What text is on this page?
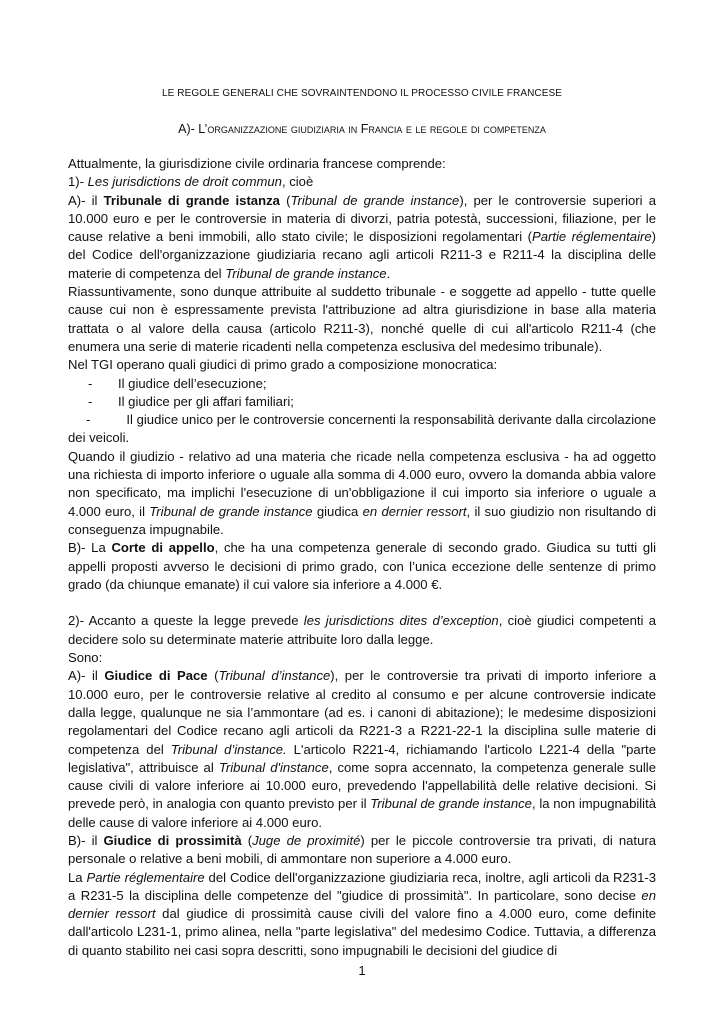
LE REGOLE GENERALI CHE SOVRAINTENDONO IL PROCESSO CIVILE FRANCESE
A)- L’organizzazione giudiziaria in Francia e le regole di competenza

Attualmente, la giurisdizione civile ordinaria francese comprende:

1)- Les jurisdictions de droit commun, cioè

A)- il Tribunale di grande istanza (Tribunal de grande instance), per le controversie superiori a 10.000 euro e per le controversie in materia di divorzi, patria potestà, successioni, filiazione, per le cause relative a beni immobili, allo stato civile; le disposizioni regolamentari (Partie réglementaire) del Codice dell'organizzazione giudiziaria recano agli articoli R211-3 e R211-4 la disciplina delle materie di competenza del Tribunal de grande instance.

Riassuntivamente, sono dunque attribuite al suddetto tribunale - e soggette ad appello - tutte quelle cause cui non è espressamente prevista l'attribuzione ad altra giurisdizione in base alla materia trattata o al valore della causa (articolo R211-3), nonché quelle di cui all'articolo R211-4 (che enumera una serie di materie ricadenti nella competenza esclusiva del medesimo tribunale).

Nel TGI operano quali giudici di primo grado a composizione monocratica:

-	Il giudice dell’esecuzione;
-	Il giudice per gli affari familiari;

-	Il giudice unico per le controversie concernenti la responsabilità derivante dalla circolazione dei veicoli.

Quando il giudizio - relativo ad una materia che ricade nella competenza esclusiva - ha ad oggetto una richiesta di importo inferiore o uguale alla somma di 4.000 euro, ovvero la domanda abbia valore non specificato, ma implichi l'esecuzione di un'obbligazione il cui importo sia inferiore o uguale a 4.000 euro, il Tribunal de grande instance giudica en dernier ressort, il suo giudizio non risultando di conseguenza impugnabile.

B)- La Corte di appello, che ha una competenza generale di secondo grado. Giudica su tutti gli appelli proposti avverso le decisioni di primo grado, con l’unica eccezione delle sentenze di primo grado (da chiunque emanate) il cui valore sia inferiore a 4.000 €.

2)- Accanto a queste la legge prevede les jurisdictions dites d’exception, cioè giudici competenti a decidere solo su determinate materie attribuite loro dalla legge.

Sono:

A)- il Giudice di Pace (Tribunal d’instance), per le controversie tra privati di importo inferiore a 10.000 euro, per le controversie relative al credito al consumo e per alcune controversie indicate dalla legge, qualunque ne sia l’ammontare (ad es. i canoni di abitazione); le medesime disposizioni regolamentari del Codice recano agli articoli da R221-3 a R221-22-1 la disciplina sulle materie di competenza del Tribunal d’instance. L'articolo R221-4, richiamando l'articolo L221-4 della "parte legislativa", attribuisce al Tribunal d'instance, come sopra accennato, la competenza generale sulle cause civili di valore inferiore ai 10.000 euro, prevedendo l'appellabilità delle relative decisioni. Si prevede però, in analogia con quanto previsto per il Tribunal de grande instance, la non impugnabilità delle cause di valore inferiore ai 4.000 euro.

B)- il Giudice di prossimità (Juge de proximité) per le piccole controversie tra privati, di natura personale o relative a beni mobili, di ammontare non superiore a 4.000 euro.

La Partie réglementaire del Codice dell'organizzazione giudiziaria reca, inoltre, agli articoli da R231-3 a R231-5 la disciplina delle competenze del "giudice di prossimità". In particolare, sono decise en dernier ressort dal giudice di prossimità cause civili del valore fino a 4.000 euro, come definite dall'articolo L231-1, primo alinea, nella "parte legislativa" del medesimo Codice. Tuttavia, a differenza di quanto stabilito nei casi sopra descritti, sono impugnabili le decisioni del giudice di

1
